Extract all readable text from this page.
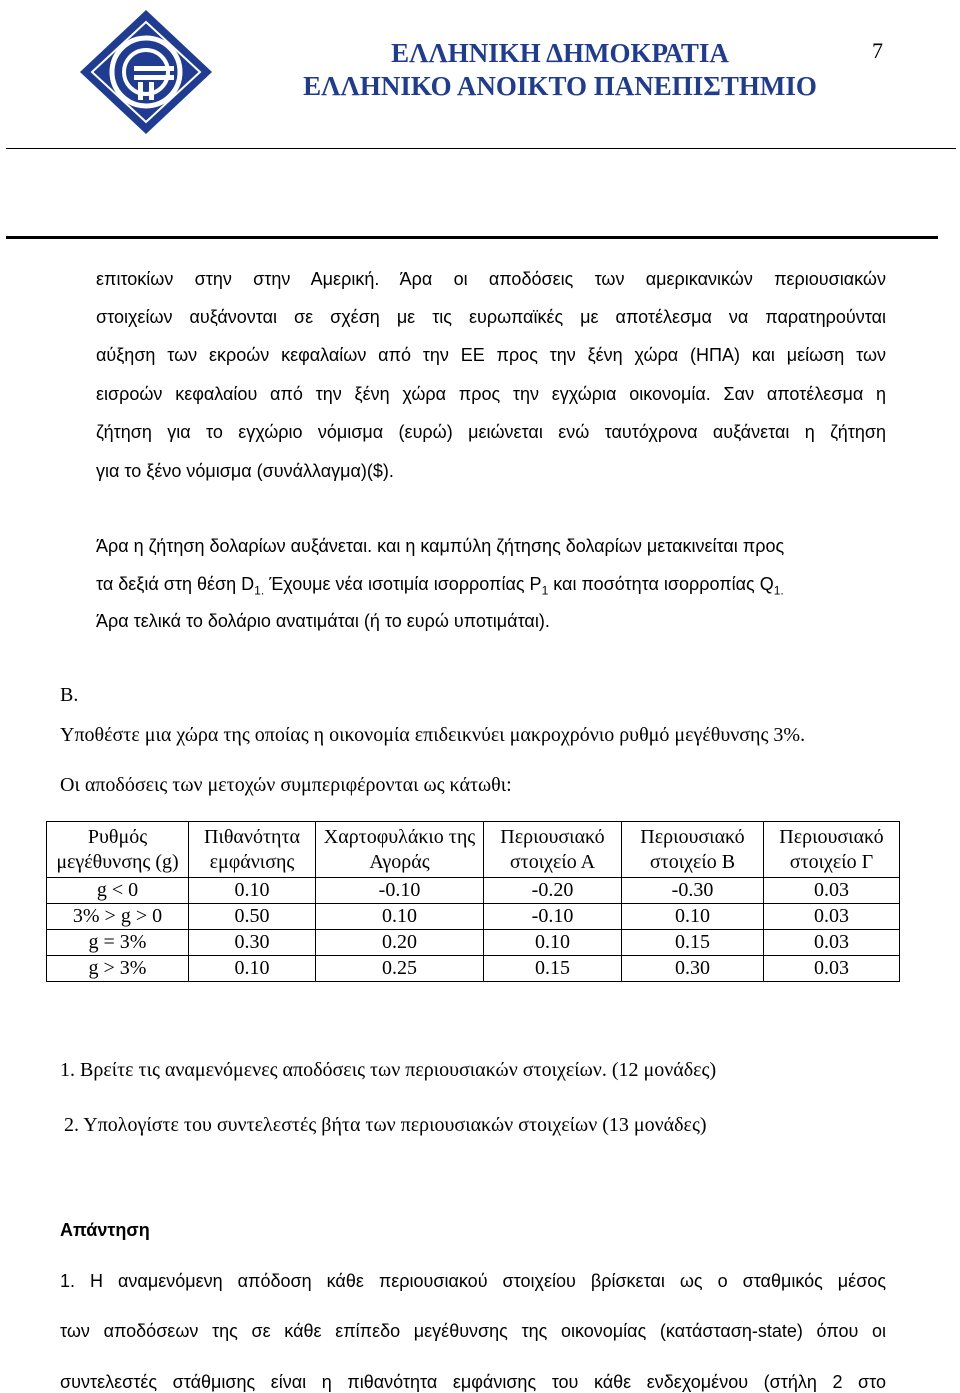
ΕΛΛΗΝΙΚΗ ΔΗΜΟΚΡΑΤΙΑ
ΕΛΛΗΝΙΚΟ ΑΝΟΙΚΤΟ ΠΑΝΕΠΙΣΤΗΜΙΟ
7

επιτοκίων στην στην Αμερική. Άρα οι αποδόσεις των αμερικανικών περιουσιακών

στοιχείων αυξάνονται σε σχέση με τις ευρωπαϊκές με αποτέλεσμα να παρατηρούνται

αύξηση των εκροών κεφαλαίων από την ΕΕ προς την ξένη χώρα (ΗΠΑ) και μείωση των

εισροών κεφαλαίου από την ξένη χώρα προς την εγχώρια οικονομία. Σαν αποτέλεσμα η

ζήτηση για το εγχώριο νόμισμα (ευρώ) μειώνεται ενώ ταυτόχρονα αυξάνεται η ζήτηση

για το ξένο νόμισμα (συνάλλαγμα)($).

Άρα η ζήτηση δολαρίων αυξάνεται. και η καμπύλη ζήτησης δολαρίων μετακινείται προς

τα δεξιά στη θέση $D_{1.}$ Έχουμε νέα ισοτιμία ισορροπίας $P_1$ και ποσότητα ισορροπίας $Q_{1.}$

Άρα τελικά το δολάριο ανατιμάται (ή το ευρώ υποτιμάται).

Β.

Υποθέστε μια χώρα της οποίας η οικονομία επιδεικνύει μακροχρόνιο ρυθμό μεγέθυνσης 3%.

Οι αποδόσεις των μετοχών συμπεριφέρονται ως κάτωθι:

Ρυθμός μεγέθυνσης (g)	Πιθανότητα εμφάνισης	Χαρτοφυλάκιο της Αγοράς	Περιουσιακό στοιχείο Α	Περιουσιακό στοιχείο Β	Περιουσιακό στοιχείο Γ
g < 0	0.10	-0.10	-0.20	-0.30	0.03
3% > g > 0	0.50	0.10	-0.10	0.10	0.03
g = 3%	0.30	0.20	0.10	0.15	0.03
g > 3%	0.10	0.25	0.15	0.30	0.03

1. Βρείτε τις αναμενόμενες αποδόσεις των περιουσιακών στοιχείων. (12 μονάδες)

2. Υπολογίστε του συντελεστές βήτα των περιουσιακών στοιχείων (13 μονάδες)

Απάντηση

1. Η αναμενόμενη απόδοση κάθε περιουσιακού στοιχείου βρίσκεται ως ο σταθμικός μέσος

των αποδόσεων της σε κάθε επίπεδο μεγέθυνσης της οικονομίας (κατάσταση-state) όπου οι

συντελεστές στάθμισης είναι η πιθανότητα εμφάνισης του κάθε ενδεχομένου (στήλη 2 στο
